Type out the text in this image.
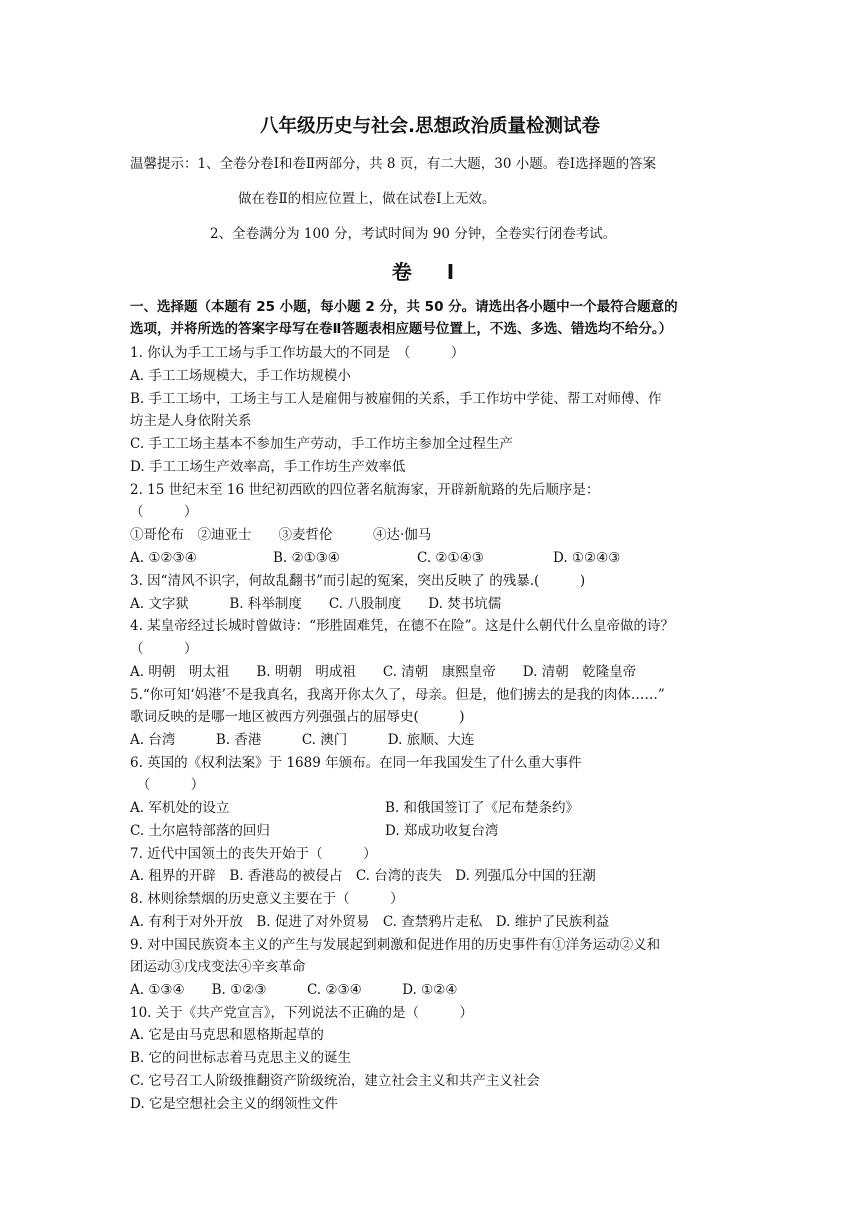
八年级历史与社会.思想政治质量检测试卷
温馨提示：1、全卷分卷Ⅰ和卷Ⅱ两部分，共 8 页，有二大题，30 小题。卷Ⅰ选择题的答案
做在卷Ⅱ的相应位置上，做在试卷Ⅰ上无效。
2、全卷满分为 100 分，考试时间为 90 分钟，全卷实行闭卷考试。
卷 Ⅰ
一、选择题（本题有 25 小题，每小题 2 分，共 50 分。请选出各小题中一个最符合题意的
选项，并将所选的答案字母写在卷Ⅱ答题表相应题号位置上，不选、多选、错选均不给分。）
1. 你认为手工工场与手工作坊最大的不同是　（　　　）
A. 手工工场规模大，手工作坊规模小
B. 手工工场中，工场主与工人是雇佣与被雇佣的关系，手工作坊中学徒、帮工对师傅、作
坊主是人身依附关系
C. 手工工场主基本不参加生产劳动，手工作坊主参加全过程生产
D. 手工工场生产效率高，手工作坊生产效率低
2. 15 世纪末至 16 世纪初西欧的四位著名航海家，开辟新航路的先后顺序是：
（　　　）
①哥伦布　②迪亚士　　③麦哲伦　　　④达·伽马
A. ①②③④	B. ②①③④	C. ②①④③	D. ①②④③
3. 因“清风不识字，何故乱翻书”而引起的冤案，突出反映了 的残暴.(　　　)
A. 文字狱　　　B. 科举制度　　C. 八股制度　　D. 焚书坑儒
4. 某皇帝经过长城时曾做诗：“形胜固难凭，在德不在险”。这是什么朝代什么皇帝做的诗？
（　　　）
A. 明朝　明太祖　　B. 明朝　明成祖　　C. 清朝　康熙皇帝　　D. 清朝　乾隆皇帝
5.“你可知‘妈港’不是我真名，我离开你太久了，母亲。但是，他们掳去的是我的肉体……”
歌词反映的是哪一地区被西方列强强占的屈辱史(　　　)
A. 台湾　　　B. 香港　　　C. 澳门　　　D. 旅顺、大连
6. 英国的《权利法案》于 1689 年颁布。在同一年我国发生了什么重大事件
　（　　　）
A. 军机处的设立	B. 和俄国签订了《尼布楚条约》
C. 土尔扈特部落的回归	D. 郑成功收复台湾
7. 近代中国领土的丧失开始于（　　　）
A. 租界的开辟　B. 香港岛的被侵占　C. 台湾的丧失　D. 列强瓜分中国的狂潮
8. 林则徐禁烟的历史意义主要在于（　　　）
A. 有利于对外开放　B. 促进了对外贸易　C. 查禁鸦片走私　D. 维护了民族利益
9. 对中国民族资本主义的产生与发展起到刺激和促进作用的历史事件有①洋务运动②义和
团运动③戊戌变法④辛亥革命
A. ①③④　　B. ①②③　　　C. ②③④　　　D. ①②④
10. 关于《共产党宣言》，下列说法不正确的是（　　　）
A. 它是由马克思和恩格斯起草的
B. 它的问世标志着马克思主义的诞生
C. 它号召工人阶级推翻资产阶级统治，建立社会主义和共产主义社会
D. 它是空想社会主义的纲领性文件
